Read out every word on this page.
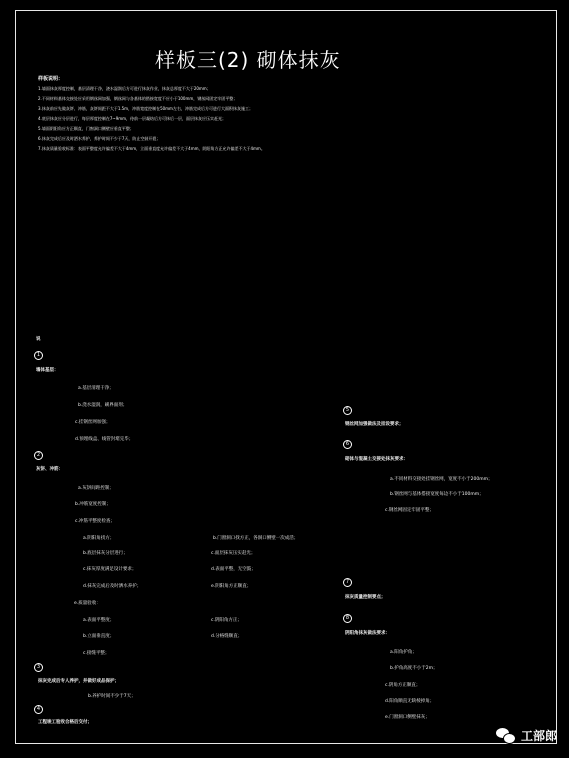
样板三(2) 砌体抹灰
样板说明：
1.墙面抹灰厚度控制，基层清理干净，浇水湿润后方可进行抹灰作业，抹灰总厚度不大于20mm；
2.不同材料基体交接处应采用钢丝网加强，钢丝网与各基体的搭接宽度不应小于100mm，钢丝网固定牢固平整；
3.抹灰前应先做灰饼、冲筋，灰饼间距不大于1.5m，冲筋宽度控制在50mm左右，冲筋完成后方可进行大面积抹灰施工；
4.底层抹灰应分层进行，每层厚度控制在7~9mm，待前一层凝结后方可抹后一层，面层抹灰应压实赶光；
5.墙面阴阳角应方正顺直，门窗洞口侧壁应垂直平整；
6.抹灰完成后应及时洒水养护，养护时间不少于7天，防止空鼓开裂；
7.抹灰质量验收标准：表面平整度允许偏差不大于4mm，立面垂直度允许偏差不大于4mm，阴阳角方正允许偏差不大于4mm。
说
1
墙体基层：
a.基层清理干净；
b.浇水湿润，刷界面剂；
c.挂钢丝网加强；
d.预埋线盒、线管封堵完毕；
2
灰饼、冲筋：
a.灰饼间距控制；
b.冲筋宽度控制；
c.冲筋平整度检查；
a.阴阳角找方；	b.门窗洞口找方正，各洞口侧壁一次成活；
b.底层抹灰分层进行；	c.面层抹灰压实赶光；
c.抹灰厚度满足设计要求；	d.表面平整，无空鼓；
d.抹灰完成后及时洒水养护；	e.阴阳角方正顺直；
e.质量验收：
a.表面平整度；	c.阴阳角方正；
b.立面垂直度；	d.分格缝顺直；
c.接缝平整；
3
抹灰完成后专人养护，并做好成品保护；
b.养护时间不少于7天；
4
工程竣工验收合格后交付；
5
钢丝网加强做法及挂设要求；
6
砌体与混凝土交接处抹灰要求：
a.不同材料交接处挂钢丝网，宽度不小于200mm；
b.钢丝网与基体搭接宽度每边不小于100mm；
c.钢丝网固定牢固平整；
7
抹灰质量控制要点；
8
阴阳角抹灰做法要求：
a.阳角护角；
b.护角高度不小于2m；
c.阴角方正顺直；
d.阳角顺直无缺棱掉角；
e.门窗洞口侧壁抹灰；
工部郎
